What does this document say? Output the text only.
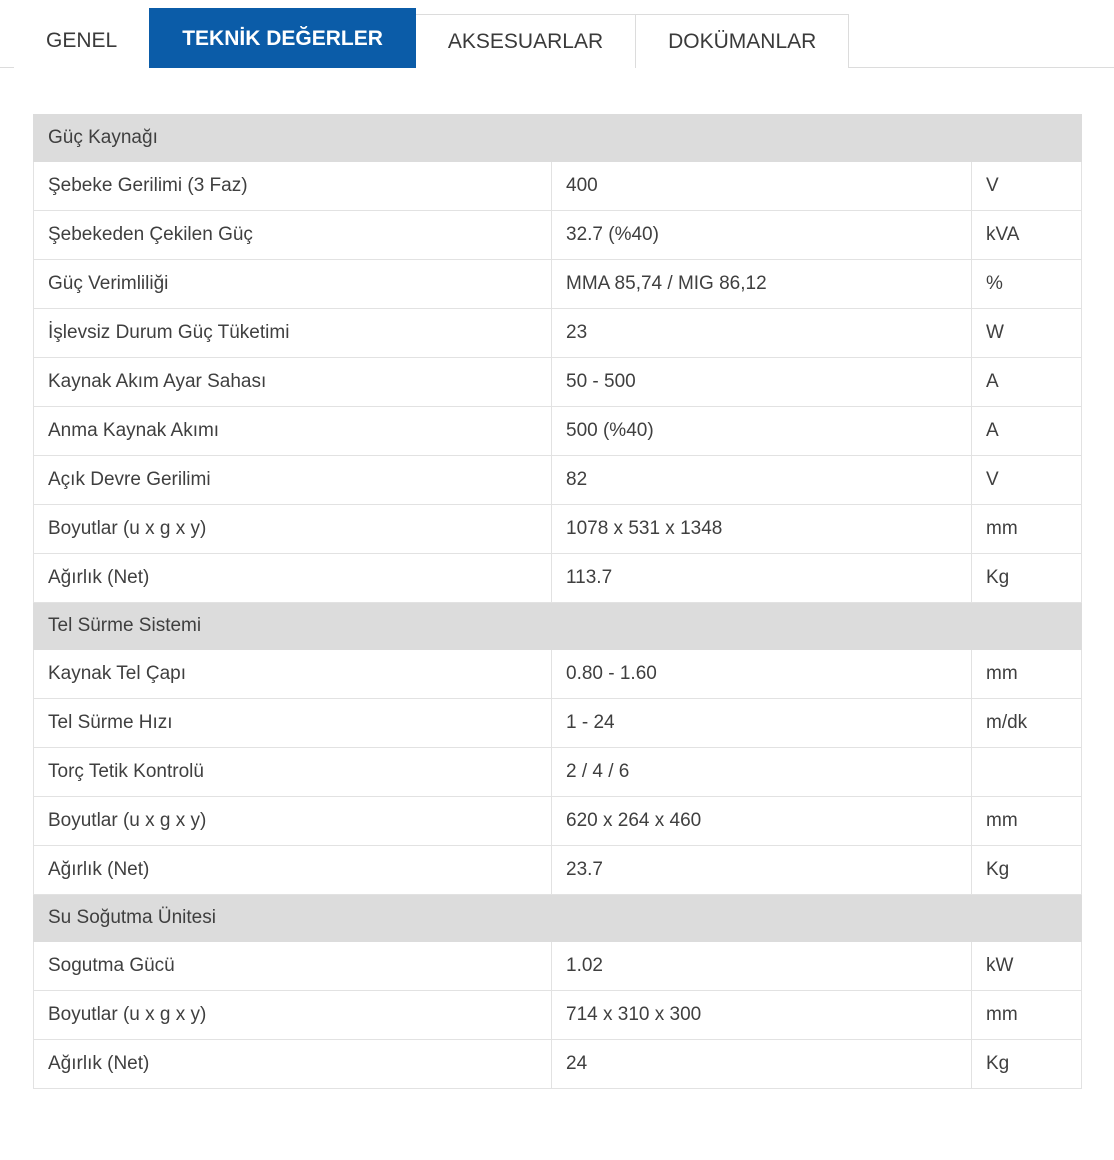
GENEL	TEKNİK DEĞERLER	AKSESUARLAR	DOKÜMANLAR
Güç Kaynağı		
Şebeke Gerilimi (3 Faz)	400	V
Şebekeden Çekilen Güç	32.7 (%40)	kVA
Güç Verimliliği	MMA 85,74 / MIG 86,12	%
İşlevsiz Durum Güç Tüketimi	23	W
Kaynak Akım Ayar Sahası	50 - 500	A
Anma Kaynak Akımı	500 (%40)	A
Açık Devre Gerilimi	82	V
Boyutlar (u x g x y)	1078 x 531 x 1348	mm
Ağırlık (Net)	113.7	Kg
Tel Sürme Sistemi		
Kaynak Tel Çapı	0.80 - 1.60	mm
Tel Sürme Hızı	1 - 24	m/dk
Torç Tetik Kontrolü	2 / 4 / 6	
Boyutlar (u x g x y)	620 x 264 x 460	mm
Ağırlık (Net)	23.7	Kg
Su Soğutma Ünitesi		
Sogutma Gücü	1.02	kW
Boyutlar (u x g x y)	714 x 310 x 300	mm
Ağırlık (Net)	24	Kg
